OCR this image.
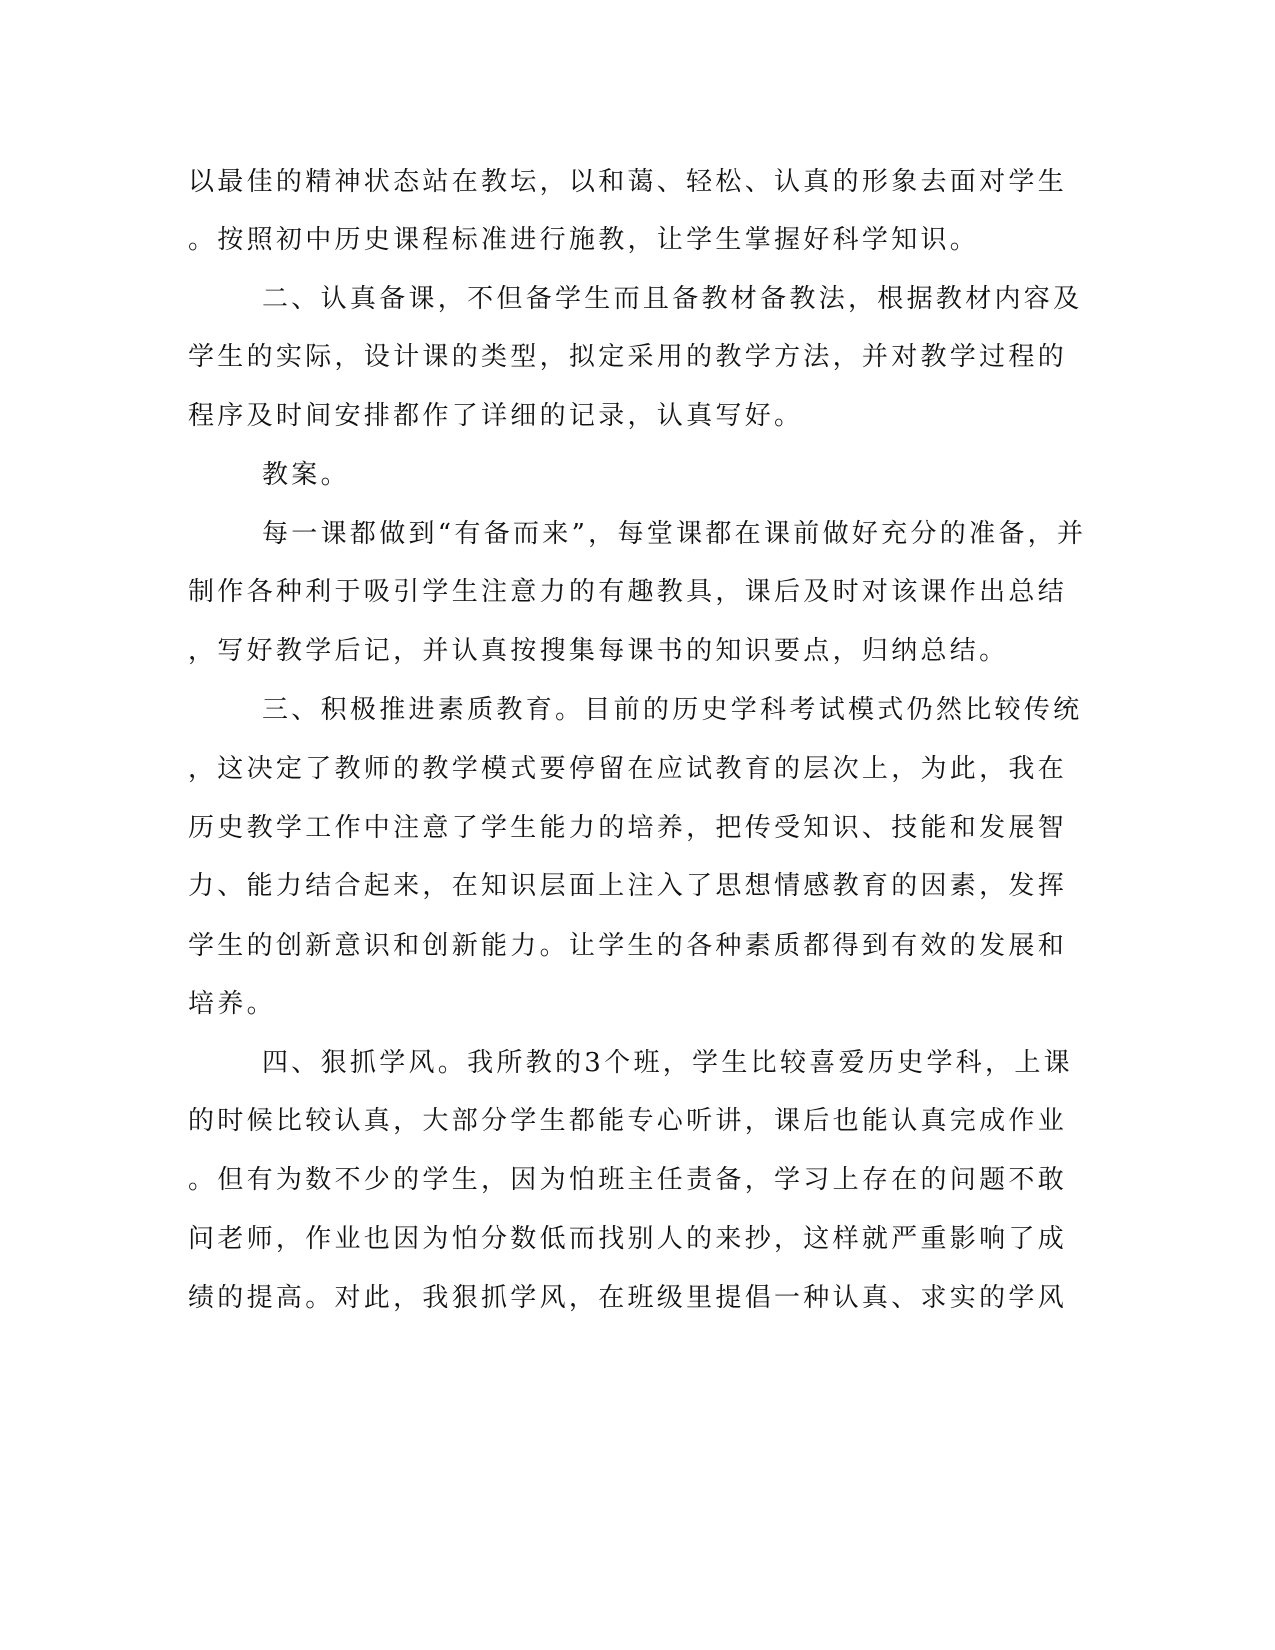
以最佳的精神状态站在教坛，以和蔼、轻松、认真的形象去面对学生
。按照初中历史课程标准进行施教，让学生掌握好科学知识。
二、认真备课，不但备学生而且备教材备教法，根据教材内容及
学生的实际，设计课的类型，拟定采用的教学方法，并对教学过程的
程序及时间安排都作了详细的记录，认真写好。
教案。
每一课都做到“有备而来”，每堂课都在课前做好充分的准备，并
制作各种利于吸引学生注意力的有趣教具，课后及时对该课作出总结
，写好教学后记，并认真按搜集每课书的知识要点，归纳总结。
三、积极推进素质教育。目前的历史学科考试模式仍然比较传统
，这决定了教师的教学模式要停留在应试教育的层次上，为此，我在
历史教学工作中注意了学生能力的培养，把传受知识、技能和发展智
力、能力结合起来，在知识层面上注入了思想情感教育的因素，发挥
学生的创新意识和创新能力。让学生的各种素质都得到有效的发展和
培养。
四、狠抓学风。我所教的3个班，学生比较喜爱历史学科，上课
的时候比较认真，大部分学生都能专心听讲，课后也能认真完成作业
。但有为数不少的学生，因为怕班主任责备，学习上存在的问题不敢
问老师，作业也因为怕分数低而找别人的来抄，这样就严重影响了成
绩的提高。对此，我狠抓学风，在班级里提倡一种认真、求实的学风
